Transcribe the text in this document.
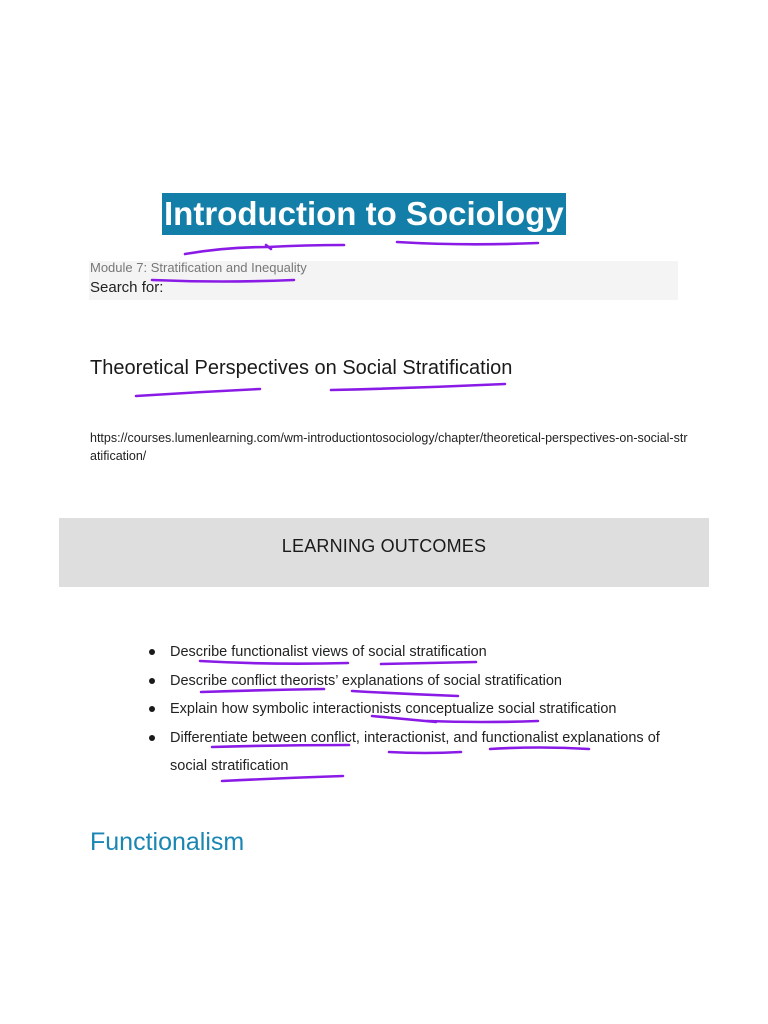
Introduction to Sociology
Module 7: Stratification and Inequality
Search for:
Theoretical Perspectives on Social Stratification
https://courses.lumenlearning.com/wm-introductiontosociology/chapter/theoretical-perspectives-on-social-stratification/
LEARNING OUTCOMES
Describe functionalist views of social stratification
Describe conflict theorists’ explanations of social stratification
Explain how symbolic interactionists conceptualize social stratification
Differentiate between conflict, interactionist, and functionalist explanations of social stratification
Functionalism
